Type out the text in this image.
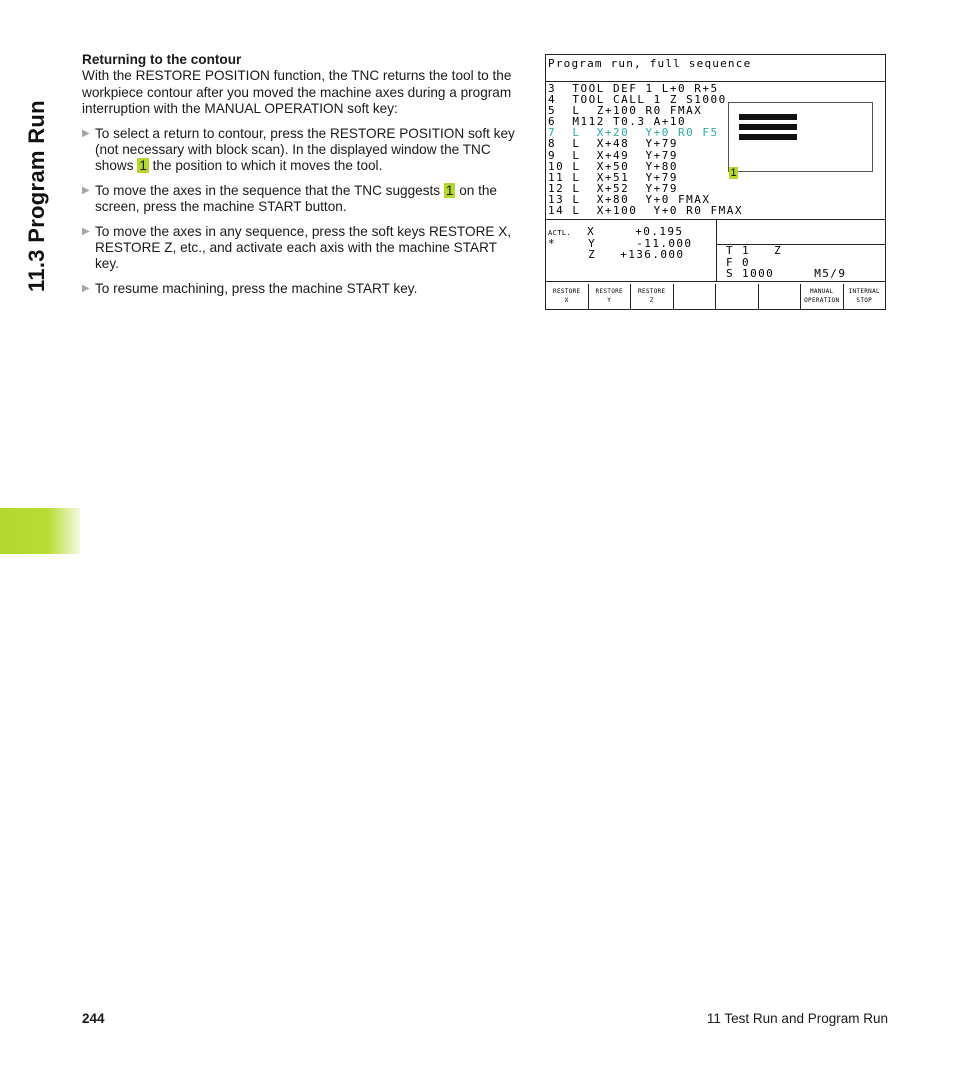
11.3 Program Run

Returning to the contour

With the RESTORE POSITION function, the TNC returns the tool to the workpiece contour after you moved the machine axes during a program interruption with the MANUAL OPERATION soft key:

▶ To select a return to contour, press the RESTORE POSITION soft key (not necessary with block scan). In the displayed window the TNC shows 1 the position to which it moves the tool.

▶ To move the axes in the sequence that the TNC suggests 1 on the screen, press the machine START button.

▶ To move the axes in any sequence, press the soft keys RESTORE X, RESTORE Z, etc., and activate each axis with the machine START key.

▶ To resume machining, press the machine START key.

Program run, full sequence
3  TOOL DEF 1 L+0 R+5
4  TOOL CALL 1 Z S1000
5  L  Z+100 R0 FMAX
6  M112 T0.3 A+10
7  L  X+20  Y+0 R0 F5
8  L  X+48  Y+79
9  L  X+49  Y+79
10 L  X+50  Y+80
11 L  X+51  Y+79
12 L  X+52  Y+79
13 L  X+80  Y+0 FMAX
14 L  X+100  Y+0 R0 FMAX
1
ACTL. X	+0.195
*	Y	-11.000
Z +136.000	T 1   Z
F 0
S 1000     M5/9
RESTORE
X
RESTORE
Y
RESTORE
Z
MANUAL
OPERATION
INTERNAL
STOP
244	11 Test Run and Program Run
